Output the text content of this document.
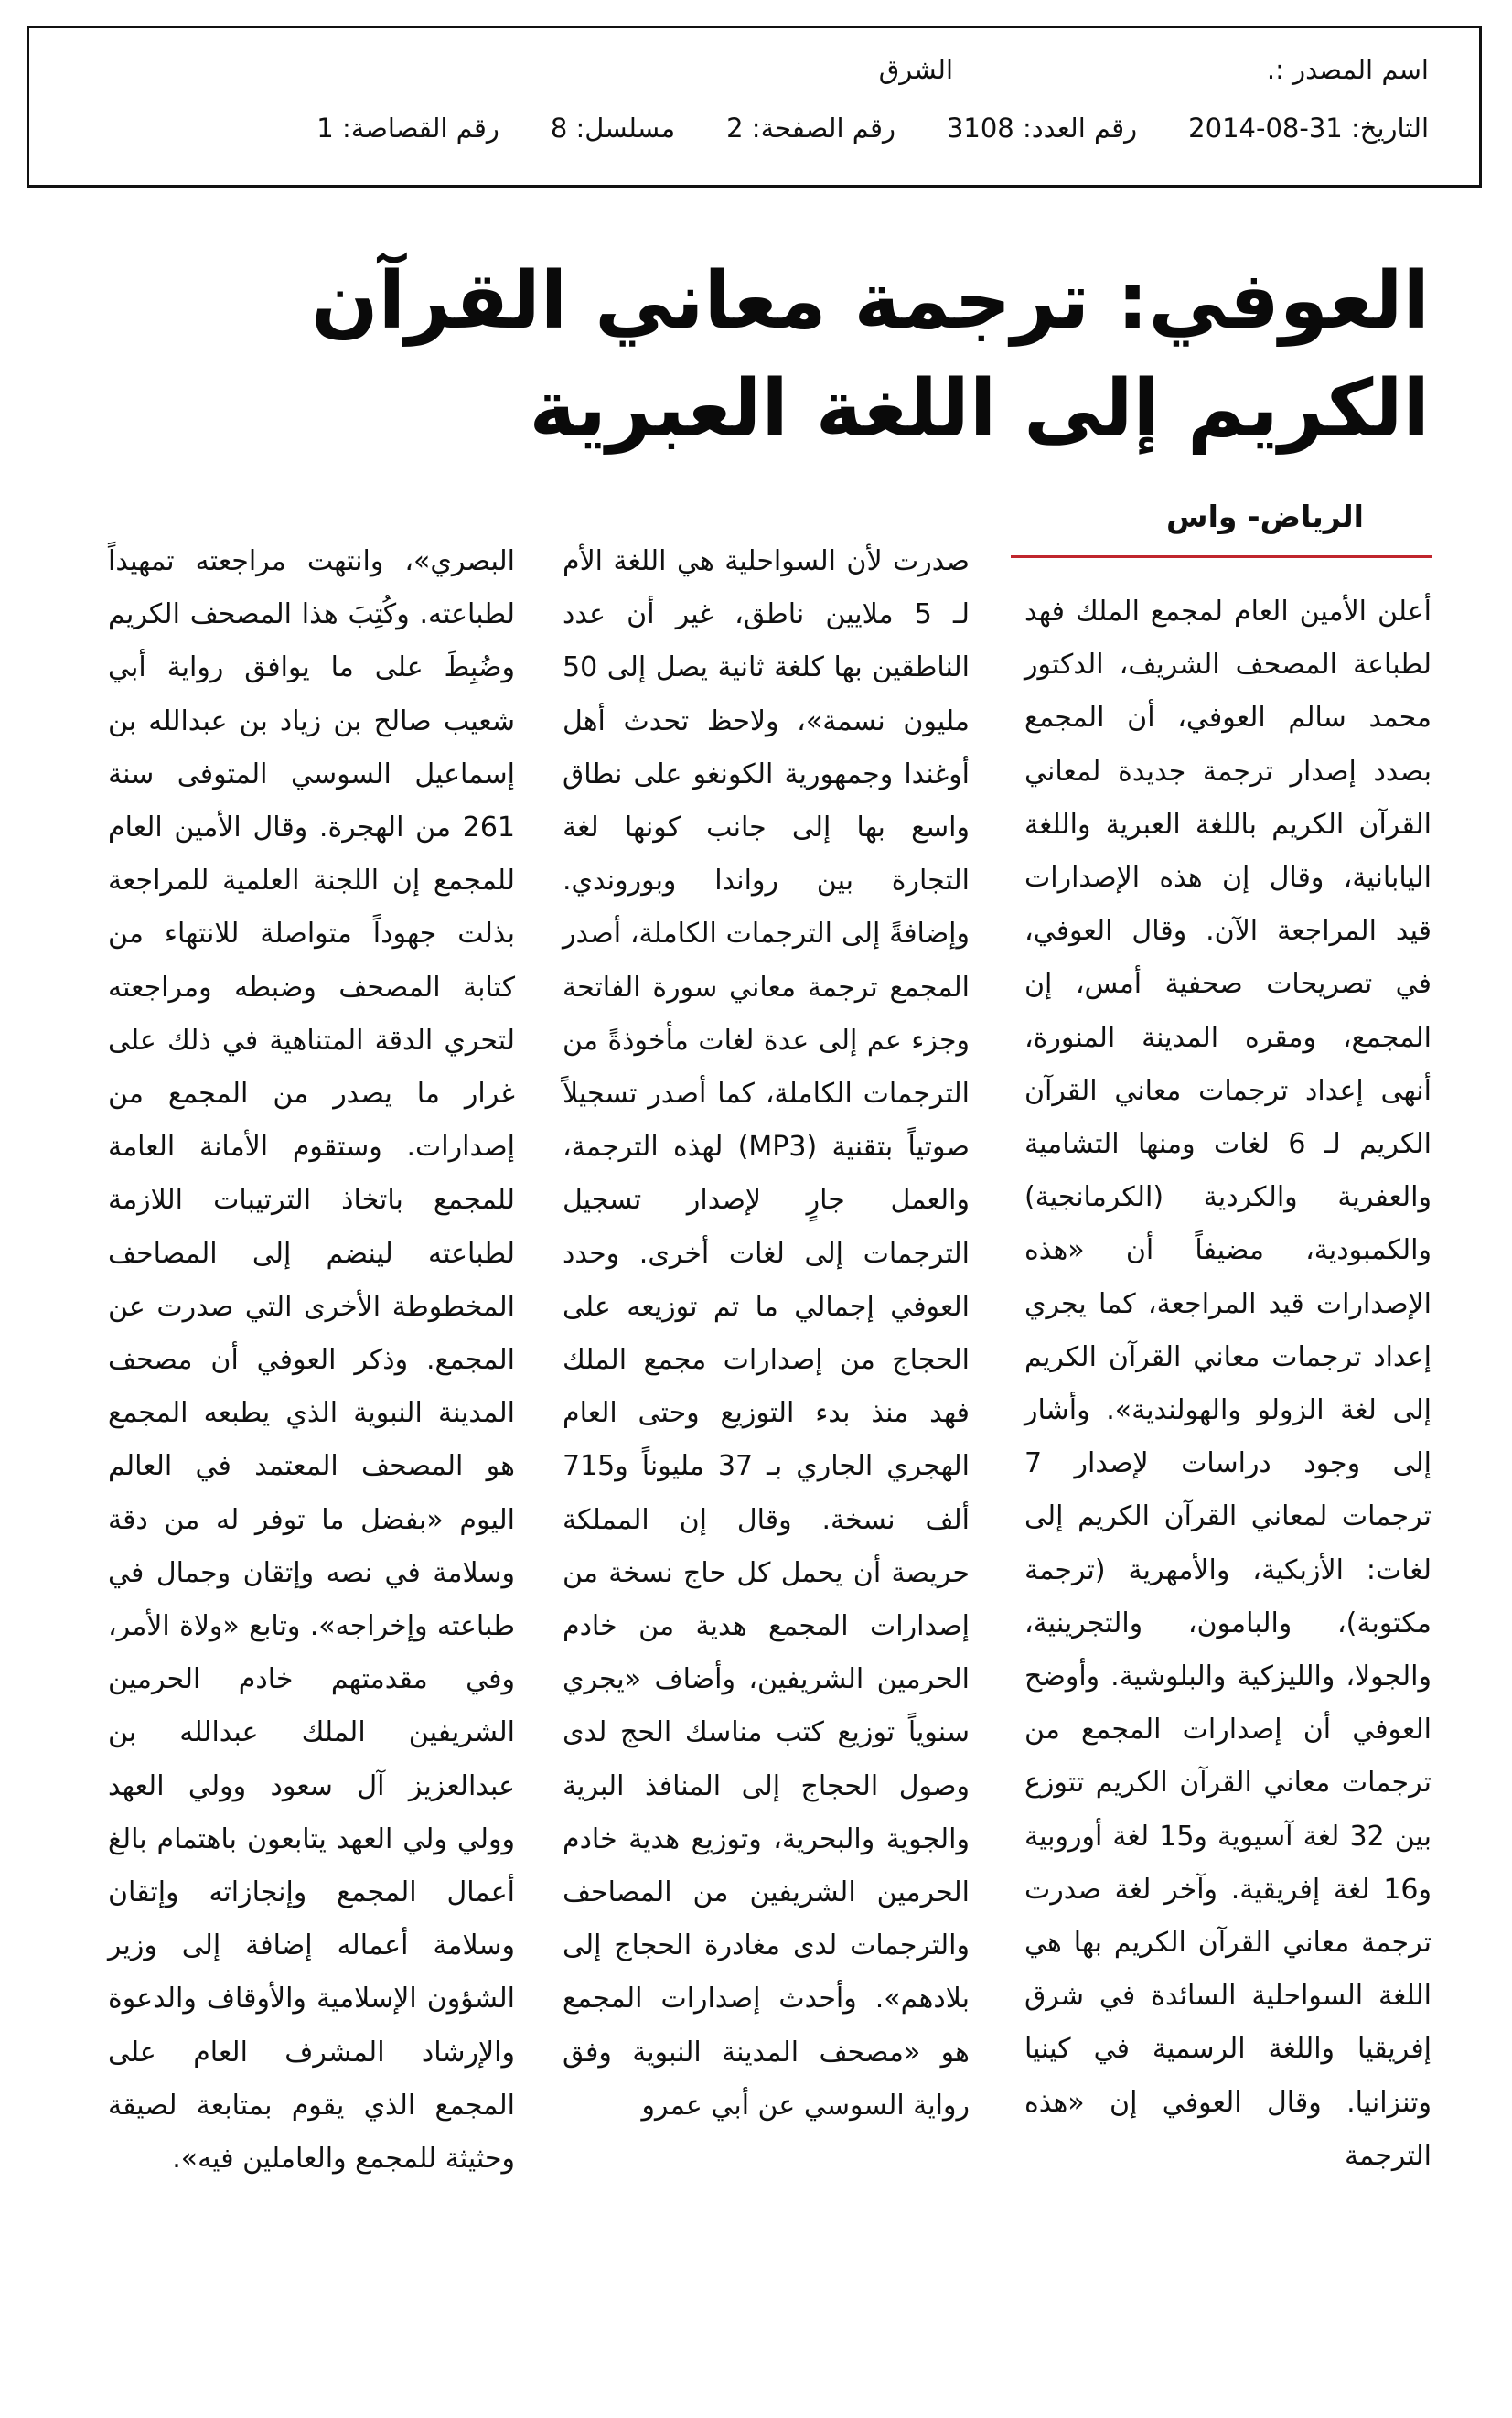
اسم المصدر :.
الشرق
التاريخ: 31-08-2014
رقم العدد: 3108
رقم الصفحة: 2
مسلسل: 8
رقم القصاصة: 1
العوفي: ترجمة معاني القرآن الكريم إلى اللغة العبرية
الرياض- واس

أعلن الأمين العام لمجمع الملك فهد لطباعة المصحف الشريف، الدكتور محمد سالم العوفي، أن المجمع بصدد إصدار ترجمة جديدة لمعاني القرآن الكريم باللغة العبرية واللغة اليابانية، وقال إن هذه الإصدارات قيد المراجعة الآن. وقال العوفي، في تصريحات صحفية أمس، إن المجمع، ومقره المدينة المنورة، أنهى إعداد ترجمات معاني القرآن الكريم لـ 6 لغات ومنها التشامية والعفرية والكردية (الكرمانجية) والكمبودية، مضيفاً أن «هذه الإصدارات قيد المراجعة، كما يجري إعداد ترجمات معاني القرآن الكريم إلى لغة الزولو والهولندية». وأشار إلى وجود دراسات لإصدار 7 ترجمات لمعاني القرآن الكريم إلى لغات: الأزبكية، والأمهرية (ترجمة مكتوبة)، والبامون، والتجرينية، والجولا، والليزكية والبلوشية. وأوضح العوفي أن إصدارات المجمع من ترجمات معاني القرآن الكريم تتوزع بين 32 لغة آسيوية و15 لغة أوروبية و16 لغة إفريقية. وآخر لغة صدرت ترجمة معاني القرآن الكريم بها هي اللغة السواحلية السائدة في شرق إفريقيا واللغة الرسمية في كينيا وتنزانيا. وقال العوفي إن «هذه الترجمة

صدرت لأن السواحلية هي اللغة الأم لـ 5 ملايين ناطق، غير أن عدد الناطقين بها كلغة ثانية يصل إلى 50 مليون نسمة»، ولاحظ تحدث أهل أوغندا وجمهورية الكونغو على نطاق واسع بها إلى جانب كونها لغة التجارة بين رواندا وبوروندي. وإضافةً إلى الترجمات الكاملة، أصدر المجمع ترجمة معاني سورة الفاتحة وجزء عم إلى عدة لغات مأخوذةً من الترجمات الكاملة، كما أصدر تسجيلاً صوتياً بتقنية (MP3) لهذه الترجمة، والعمل جارٍ لإصدار تسجيل الترجمات إلى لغات أخرى. وحدد العوفي إجمالي ما تم توزيعه على الحجاج من إصدارات مجمع الملك فهد منذ بدء التوزيع وحتى العام الهجري الجاري بـ 37 مليوناً و715 ألف نسخة. وقال إن المملكة حريصة أن يحمل كل حاج نسخة من إصدارات المجمع هدية من خادم الحرمين الشريفين، وأضاف «يجري سنوياً توزيع كتب مناسك الحج لدى وصول الحجاج إلى المنافذ البرية والجوية والبحرية، وتوزيع هدية خادم الحرمين الشريفين من المصاحف والترجمات لدى مغادرة الحجاج إلى بلادهم». وأحدث إصدارات المجمع هو «مصحف المدينة النبوية وفق رواية السوسي عن أبي عمرو

البصري»، وانتهت مراجعته تمهيداً لطباعته. وكُتِبَ هذا المصحف الكريم وضُبِطَ على ما يوافق رواية أبي شعيب صالح بن زياد بن عبدالله بن إسماعيل السوسي المتوفى سنة 261 من الهجرة. وقال الأمين العام للمجمع إن اللجنة العلمية للمراجعة بذلت جهوداً متواصلة للانتهاء من كتابة المصحف وضبطه ومراجعته لتحري الدقة المتناهية في ذلك على غرار ما يصدر من المجمع من إصدارات. وستقوم الأمانة العامة للمجمع باتخاذ الترتيبات اللازمة لطباعته لينضم إلى المصاحف المخطوطة الأخرى التي صدرت عن المجمع. وذكر العوفي أن مصحف المدينة النبوية الذي يطبعه المجمع هو المصحف المعتمد في العالم اليوم «بفضل ما توفر له من دقة وسلامة في نصه وإتقان وجمال في طباعته وإخراجه». وتابع «ولاة الأمر، وفي مقدمتهم خادم الحرمين الشريفين الملك عبدالله بن عبدالعزيز آل سعود وولي العهد وولي ولي العهد يتابعون باهتمام بالغ أعمال المجمع وإنجازاته وإتقان وسلامة أعماله إضافة إلى وزير الشؤون الإسلامية والأوقاف والدعوة والإرشاد المشرف العام على المجمع الذي يقوم بمتابعة لصيقة وحثيثة للمجمع والعاملين فيه».
